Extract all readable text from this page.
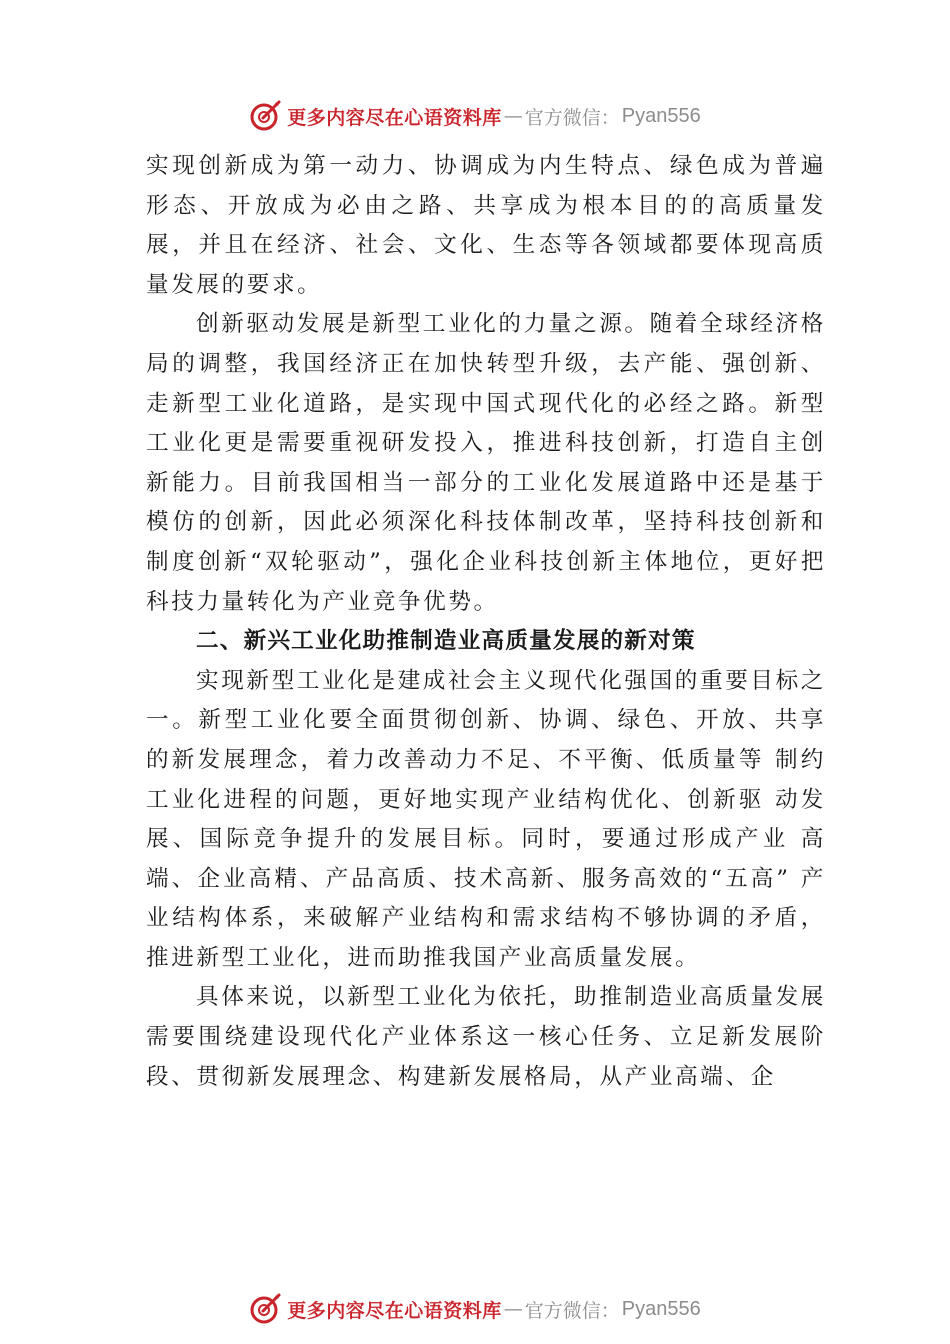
更多内容尽在心语资料库 — 官方微信： Pyan556

实现创新成为第一动力、协调成为内生特点、绿色成为普遍形态、开放成为必由之路、共享成为根本目的的高质量发展，并且在经济、社会、文化、生态等各领域都要体现高质量发展的要求。

创新驱动发展是新型工业化的力量之源。随着全球经济格局的调整，我国经济正在加快转型升级，去产能、强创新、走新型工业化道路，是实现中国式现代化的必经之路。新型工业化更是需要重视研发投入，推进科技创新，打造自主创新能力。目前我国相当一部分的工业化发展道路中还是基于模仿的创新，因此必须深化科技体制改革，坚持科技创新和制度创新“双轮驱动”，强化企业科技创新主体地位，更好把科技力量转化为产业竞争优势。

二、新兴工业化助推制造业高质量发展的新对策

实现新型工业化是建成社会主义现代化强国的重要目标之一。新型工业化要全面贯彻创新、协调、绿色、开放、共享的新发展理念，着力改善动力不足、不平衡、低质量等 制约工业化进程的问题，更好地实现产业结构优化、创新驱 动发展、国际竞争提升的发展目标。同时，要通过形成产业 高端、企业高精、产品高质、技术高新、服务高效的“五高” 产业结构体系，来破解产业结构和需求结构不够协调的矛盾， 推进新型工业化，进而助推我国产业高质量发展。

具体来说，以新型工业化为依托，助推制造业高质量发展需要围绕建设现代化产业体系这一核心任务、立足新发展阶段、贯彻新发展理念、构建新发展格局，从产业高端、企

更多内容尽在心语资料库 — 官方微信： Pyan556
